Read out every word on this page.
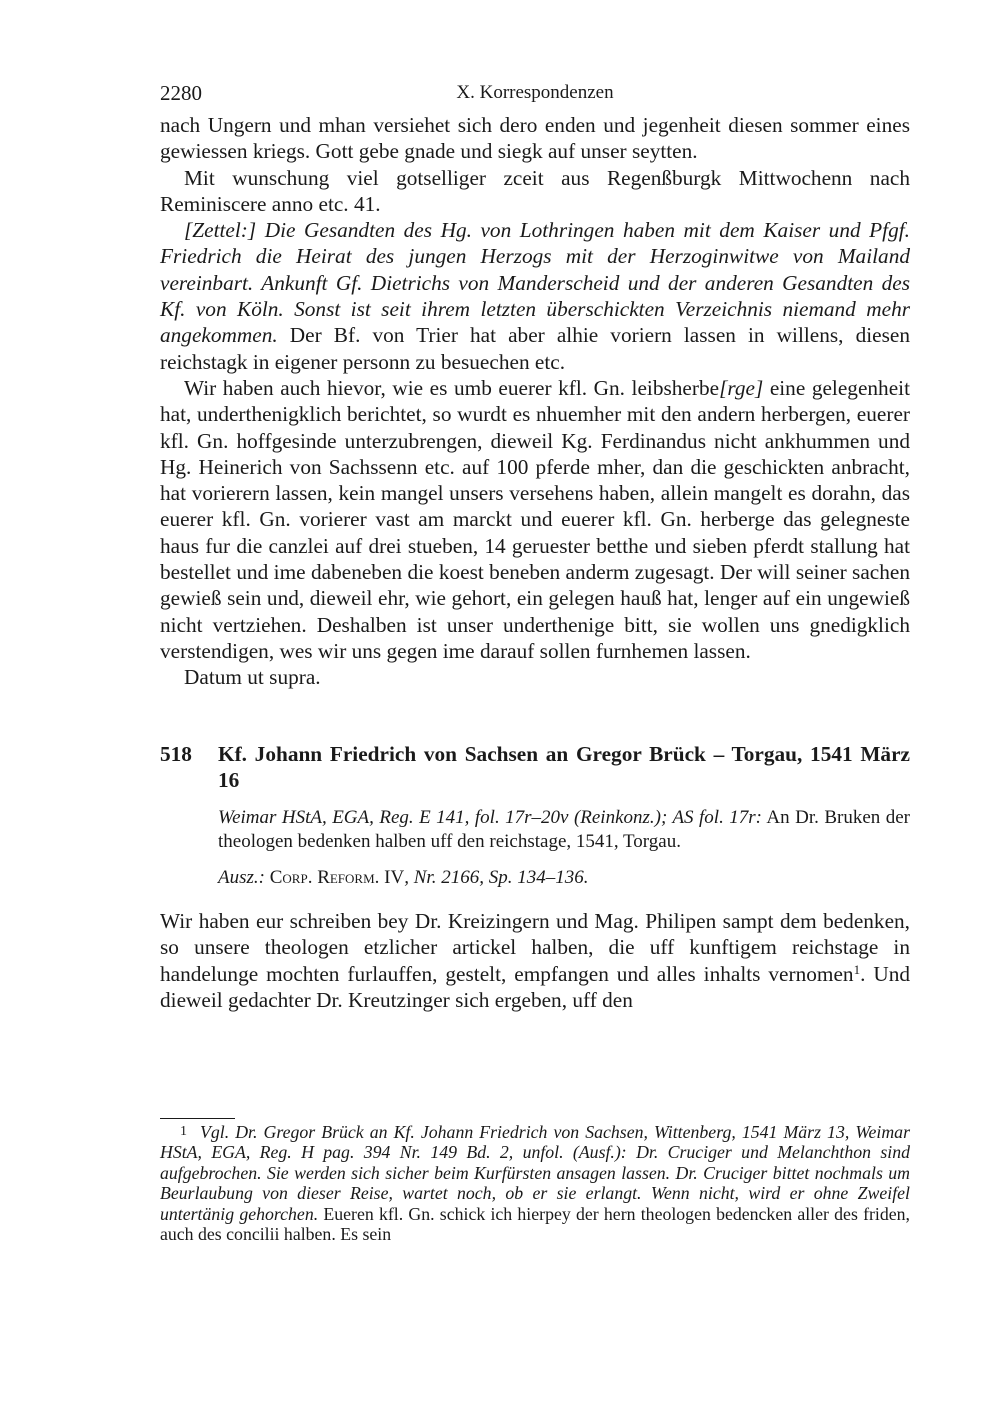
2280	X. Korrespondenzen

nach Ungern und mhan versiehet sich dero enden und jegenheit diesen sommer eines gewiessen kriegs. Gott gebe gnade und siegk auf unser seytten.

Mit wunschung viel gotselliger zceit aus Regenßburgk Mittwochenn nach Reminiscere anno etc. 41.

[Zettel:] Die Gesandten des Hg. von Lothringen haben mit dem Kaiser und Pfgf. Friedrich die Heirat des jungen Herzogs mit der Herzoginwitwe von Mailand vereinbart. Ankunft Gf. Dietrichs von Manderscheid und der anderen Gesandten des Kf. von Köln. Sonst ist seit ihrem letzten überschickten Verzeichnis niemand mehr angekommen. Der Bf. von Trier hat aber alhie voriern lassen in willens, diesen reichstagk in eigener personn zu besuechen etc.

Wir haben auch hievor, wie es umb euerer kfl. Gn. leibsherbe[rge] eine gelegenheit hat, underthenigklich berichtet, so wurdt es nhuemher mit den andern herbergen, euerer kfl. Gn. hoffgesinde unterzubrengen, dieweil Kg. Ferdinandus nicht ankhummen und Hg. Heinerich von Sachssenn etc. auf 100 pferde mher, dan die geschickten anbracht, hat vorierern lassen, kein mangel unsers versehens haben, allein mangelt es dorahn, das euerer kfl. Gn. vorierer vast am marckt und euerer kfl. Gn. herberge das gelegneste haus fur die canzlei auf drei stueben, 14 geruester betthe und sieben pferdt stallung hat bestellet und ime dabeneben die koest beneben anderm zugesagt. Der will seiner sachen gewieß sein und, dieweil ehr, wie gehort, ein gelegen hauß hat, lenger auf ein ungewieß nicht vertziehen. Deshalben ist unser underthenige bitt, sie wollen uns gnedigklich verstendigen, wes wir uns gegen ime darauf sollen furnhemen lassen.

Datum ut supra.

518 Kf. Johann Friedrich von Sachsen an Gregor Brück – Torgau, 1541 März 16

Weimar HStA, EGA, Reg. E 141, fol. 17r–20v (Reinkonz.); AS fol. 17r: An Dr. Bruken der theologen bedenken halben uff den reichstage, 1541, Torgau.

Ausz.: Corp. Reform. IV, Nr. 2166, Sp. 134–136.

Wir haben eur schreiben bey Dr. Kreizingern und Mag. Philipen sampt dem bedenken, so unsere theologen etzlicher artickel halben, die uff kunftigem reichstage in handelunge mochten furlauffen, gestelt, empfangen und alles inhalts vernomen$^1$. Und dieweil gedachter Dr. Kreutzinger sich ergeben, uff den
1 Vgl. Dr. Gregor Brück an Kf. Johann Friedrich von Sachsen, Wittenberg, 1541 März 13, Weimar HStA, EGA, Reg. H pag. 394 Nr. 149 Bd. 2, unfol. (Ausf.): Dr. Cruciger und Melanchthon sind aufgebrochen. Sie werden sich sicher beim Kurfürsten ansagen lassen. Dr. Cruciger bittet nochmals um Beurlaubung von dieser Reise, wartet noch, ob er sie erlangt. Wenn nicht, wird er ohne Zweifel untertänig gehorchen. Eueren kfl. Gn. schick ich hierpey der hern theologen bedencken aller des friden, auch des concilii halben. Es sein
